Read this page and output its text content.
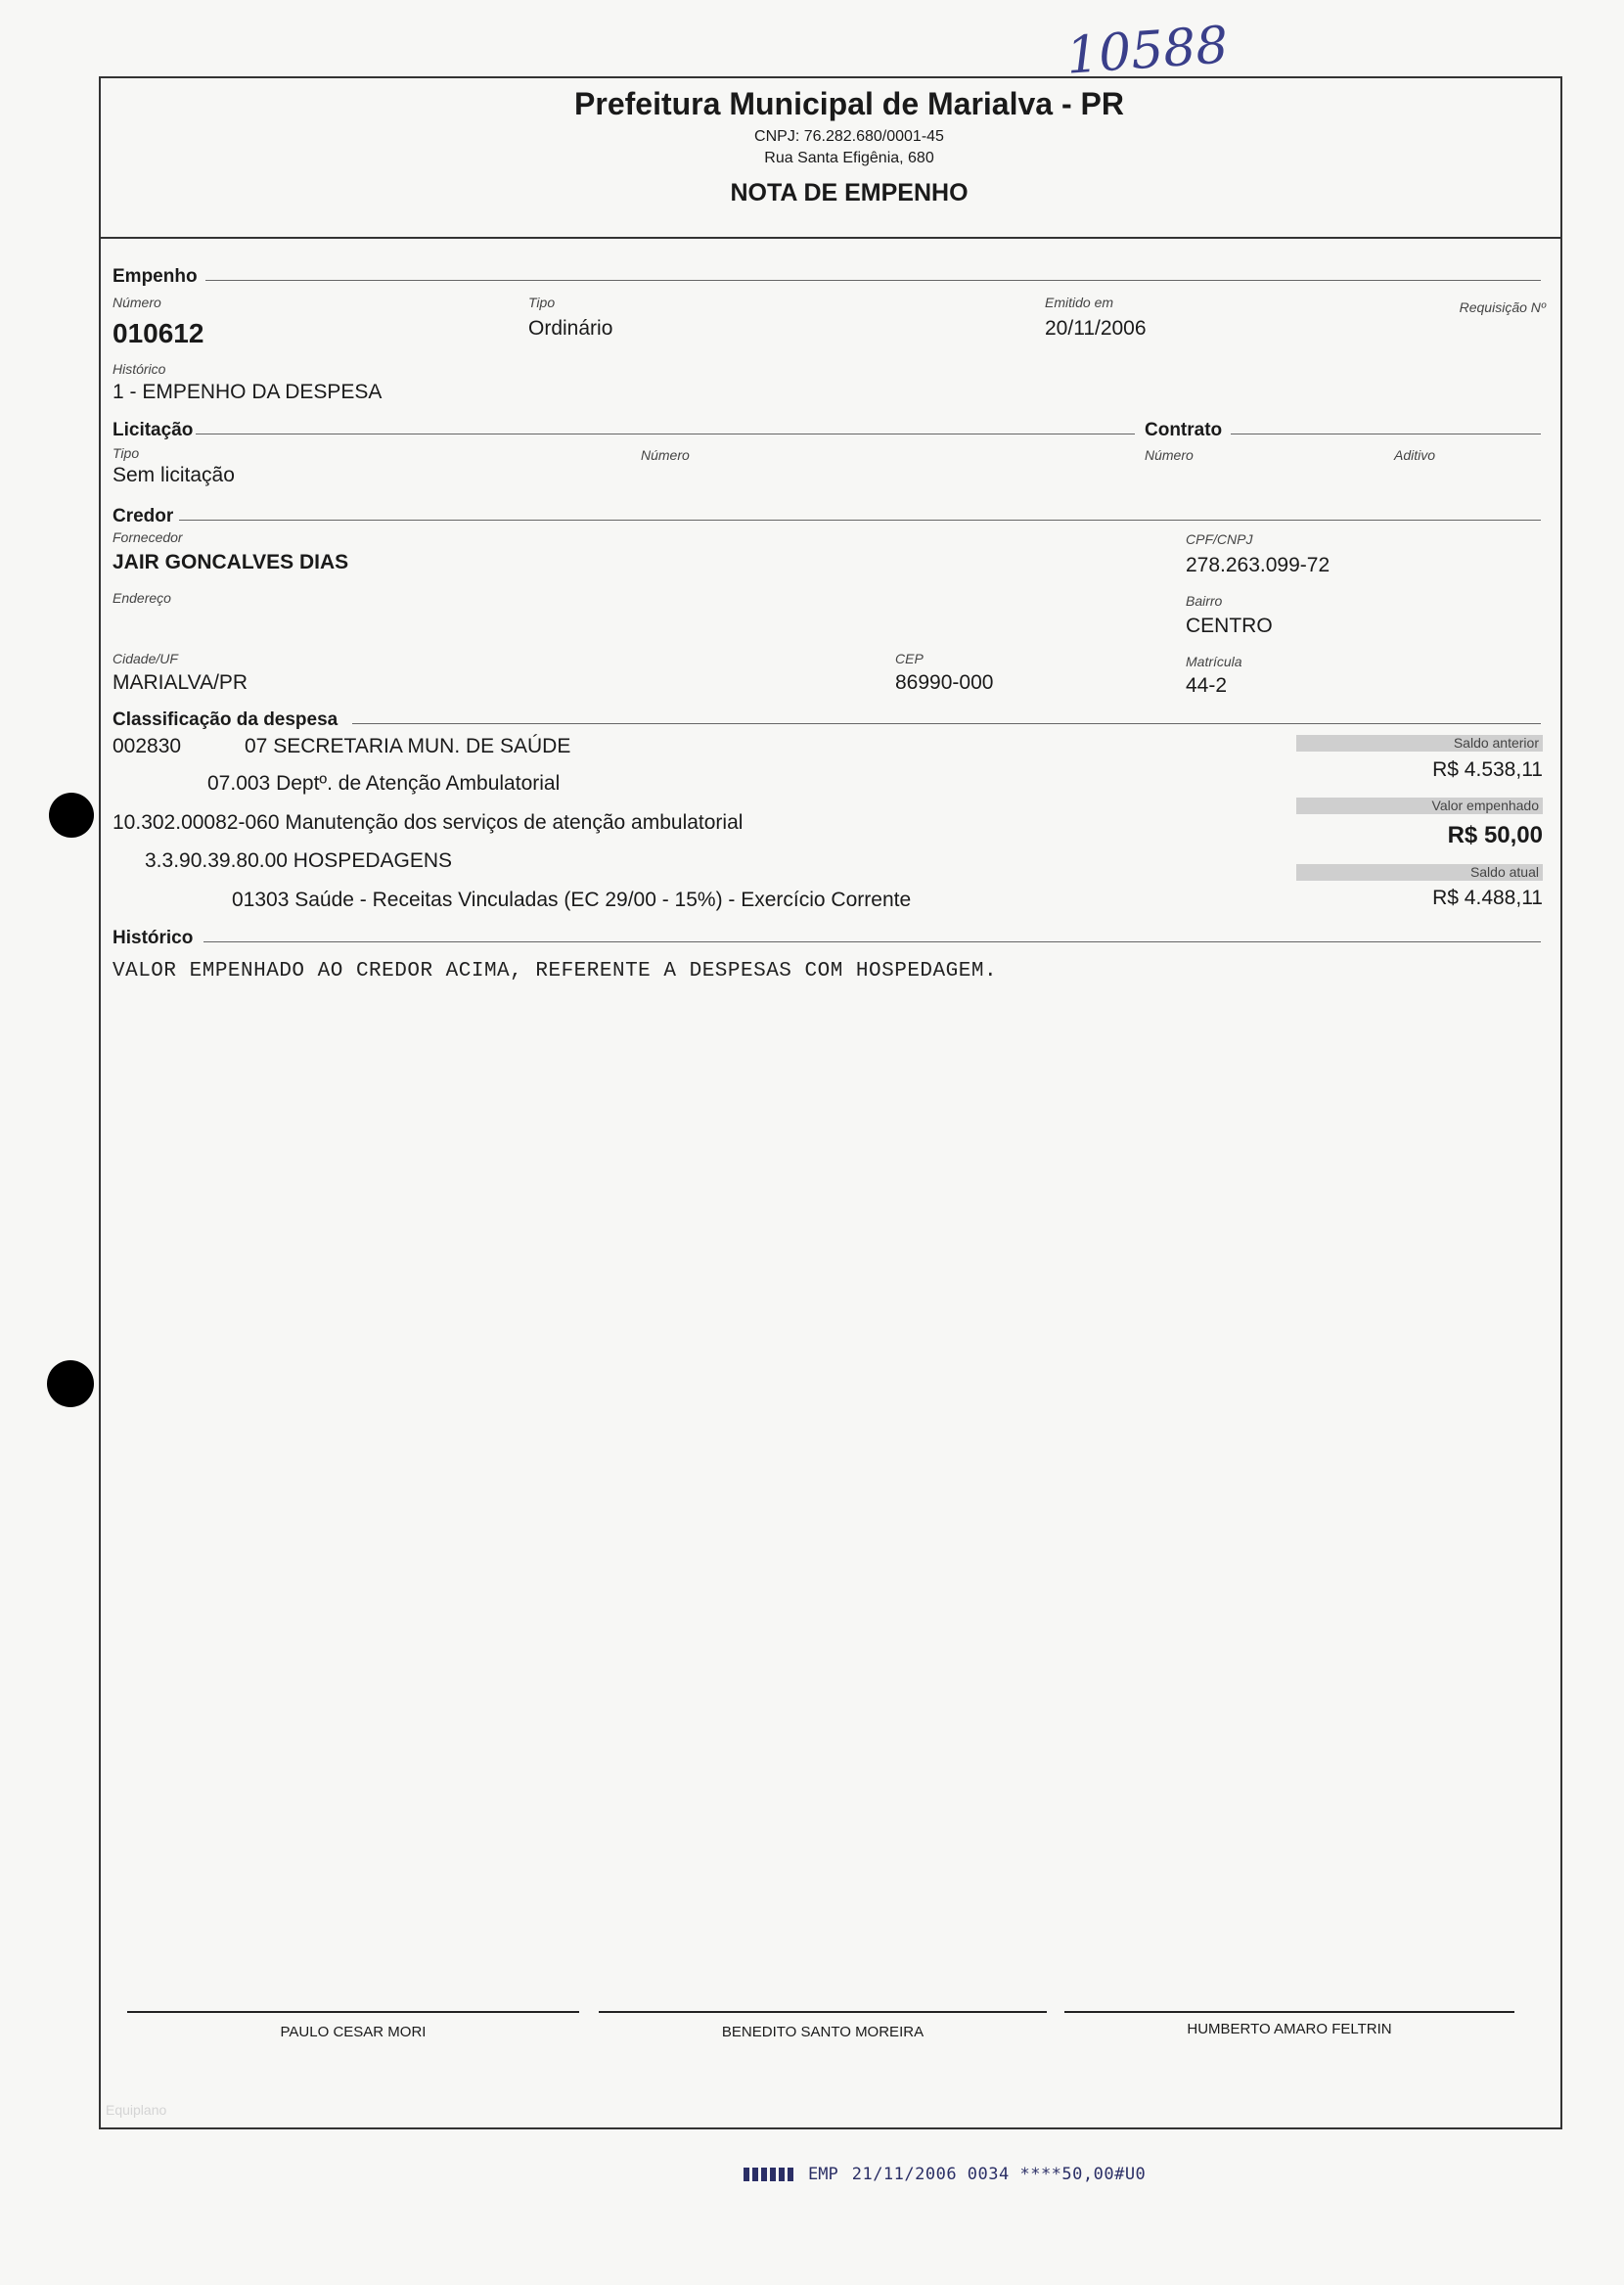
10588
Prefeitura Municipal de Marialva - PR
CNPJ: 76.282.680/0001-45
Rua Santa Efigênia, 680
NOTA DE EMPENHO
Empenho
Número
010612
Tipo
Ordinário
Emitido em
20/11/2006
Requisição Nº
Histórico
1 - EMPENHO DA DESPESA
Licitação	Contrato
Tipo
Sem licitação
Número	Número	Aditivo
Credor
Fornecedor
JAIR GONCALVES DIAS
CPF/CNPJ
278.263.099-72
Endereço	Bairro
CENTRO
Cidade/UF
MARIALVA/PR
CEP
86990-000
Matrícula
44-2
Classificação da despesa
002830	07 SECRETARIA MUN. DE SAÚDE
07.003 Deptº. de Atenção Ambulatorial
10.302.00082-060 Manutenção dos serviços de atenção ambulatorial
3.3.90.39.80.00 HOSPEDAGENS
01303 Saúde - Receitas Vinculadas (EC 29/00 - 15%) - Exercício Corrente
Saldo anterior
R$ 4.538,11
Valor empenhado
R$ 50,00
Saldo atual
R$ 4.488,11
Histórico
VALOR EMPENHADO AO CREDOR ACIMA, REFERENTE A DESPESAS COM HOSPEDAGEM.
PAULO CESAR MORI	BENEDITO SANTO MOREIRA	HUMBERTO AMARO FELTRIN
Equiplano
EMP 21/11/2006 0034 ****50,00#U0
